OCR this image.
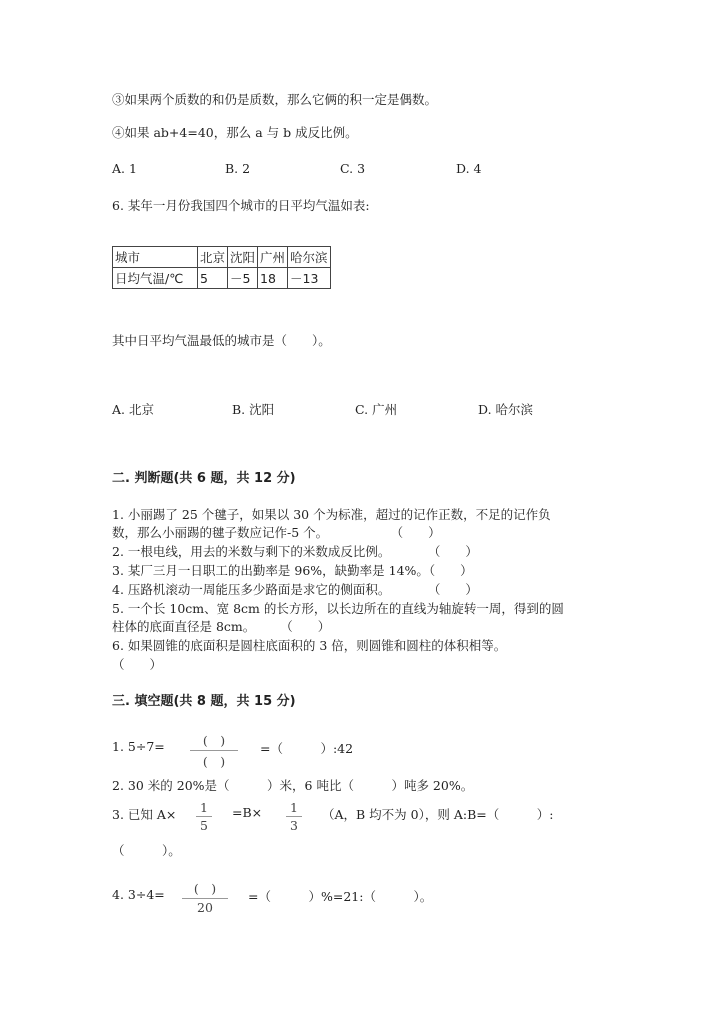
③如果两个质数的和仍是质数，那么它俩的积一定是偶数。
④如果 ab+4=40，那么 a 与 b 成反比例。
A. 1	B. 2	C. 3	D. 4
6. 某年一月份我国四个城市的日平均气温如表:
城市	北京	沈阳	广州	哈尔滨
日均气温/℃	5	－5	18	－13
其中日平均气温最低的城市是（　　）。
A. 北京	B. 沈阳	C. 广州	D. 哈尔滨
二. 判断题(共 6 题，共 12 分)
1. 小丽踢了 25 个毽子，如果以 30 个为标准，超过的记作正数，不足的记作负
数，那么小丽踢的毽子数应记作-5 个。　　　　　　（　　）
2. 一根电线，用去的米数与剩下的米数成反比例。　　　　（　　）
3. 某厂三月一日职工的出勤率是 96%，缺勤率是 14%。（　　）
4. 压路机滚动一周能压多少路面是求它的侧面积。　　　　（　　）
5. 一个长 10cm、宽 8cm 的长方形，以长边所在的直线为轴旋转一周，得到的圆
柱体的底面直径是 8cm。　　　（　　）
6. 如果圆锥的底面积是圆柱底面积的 3 倍，则圆锥和圆柱的体积相等。
（　　）
三. 填空题(共 8 题，共 15 分)
1. 5÷7=	(　)
(　)
=（　　　）:42
2. 30 米的 20%是（　　　）米，6 吨比（　　　）吨多 20%。
3. 已知 A×	1
5
=B×	1
3
（A，B 均不为 0），则 A:B=（　　　）:
（　　　）。
4. 3÷4=	(　)
20
=（　　　）%=21:（　　　）。
